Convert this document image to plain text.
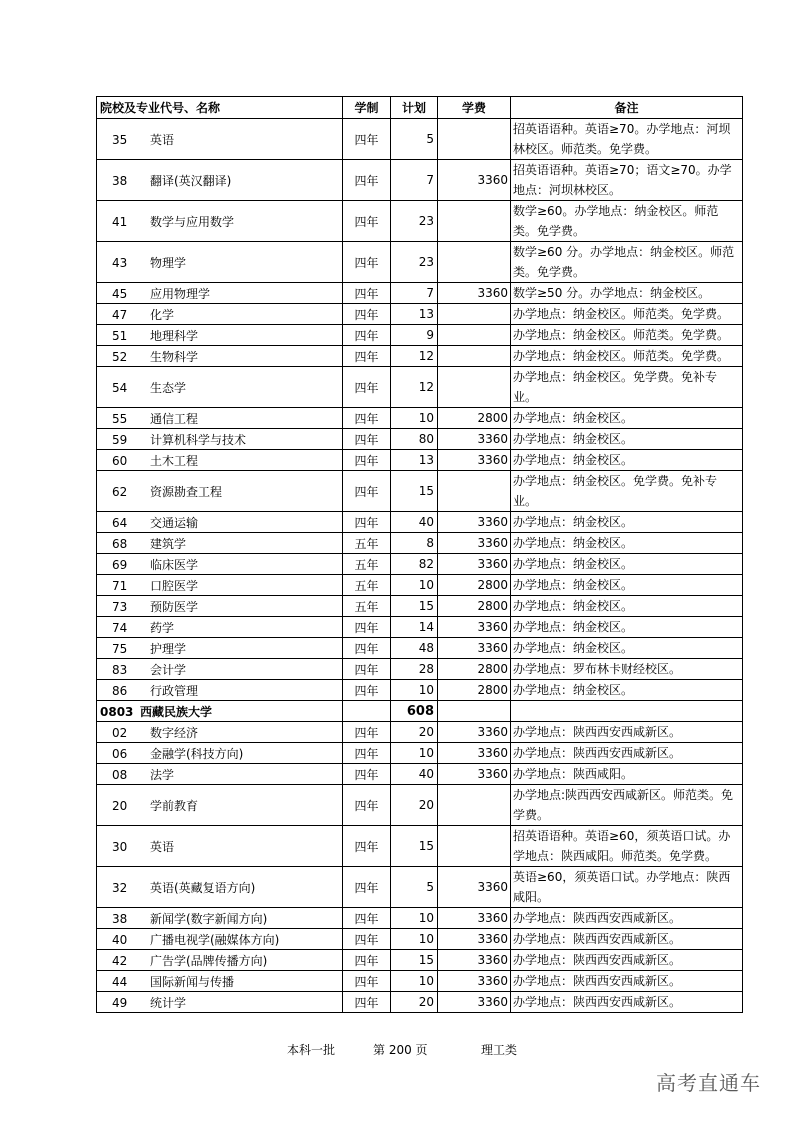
院校及专业代号、名称	学制	计划	学费	备注
35 英语	四年	5		招英语语种。英语≥70。办学地点：河坝林校区。师范类。免学费。
38 翻译(英汉翻译)	四年	7	3360	招英语语种。英语≥70；语文≥70。办学地点：河坝林校区。
41 数学与应用数学	四年	23		数学≥60。办学地点：纳金校区。师范类。免学费。
43 物理学	四年	23		数学≥60 分。办学地点：纳金校区。师范类。免学费。
45 应用物理学	四年	7	3360	数学≥50 分。办学地点：纳金校区。
47 化学	四年	13		办学地点：纳金校区。师范类。免学费。
51 地理科学	四年	9		办学地点：纳金校区。师范类。免学费。
52 生物科学	四年	12		办学地点：纳金校区。师范类。免学费。
54 生态学	四年	12		办学地点：纳金校区。免学费。免补专业。
55 通信工程	四年	10	2800	办学地点：纳金校区。
59 计算机科学与技术	四年	80	3360	办学地点：纳金校区。
60 土木工程	四年	13	3360	办学地点：纳金校区。
62 资源勘查工程	四年	15		办学地点：纳金校区。免学费。免补专业。
64 交通运输	四年	40	3360	办学地点：纳金校区。
68 建筑学	五年	8	3360	办学地点：纳金校区。
69 临床医学	五年	82	3360	办学地点：纳金校区。
71 口腔医学	五年	10	2800	办学地点：纳金校区。
73 预防医学	五年	15	2800	办学地点：纳金校区。
74 药学	四年	14	3360	办学地点：纳金校区。
75 护理学	四年	48	3360	办学地点：纳金校区。
83 会计学	四年	28	2800	办学地点：罗布林卡财经校区。
86 行政管理	四年	10	2800	办学地点：纳金校区。
0803 西藏民族大学		608		
02 数字经济	四年	20	3360	办学地点：陕西西安西咸新区。
06 金融学(科技方向)	四年	10	3360	办学地点：陕西西安西咸新区。
08 法学	四年	40	3360	办学地点：陕西咸阳。
20 学前教育	四年	20		办学地点:陕西西安西咸新区。师范类。免学费。
30 英语	四年	15		招英语语种。英语≥60，须英语口试。办学地点：陕西咸阳。师范类。免学费。
32 英语(英藏复语方向)	四年	5	3360	英语≥60，须英语口试。办学地点：陕西咸阳。
38 新闻学(数字新闻方向)	四年	10	3360	办学地点：陕西西安西咸新区。
40 广播电视学(融媒体方向)	四年	10	3360	办学地点：陕西西安西咸新区。
42 广告学(品牌传播方向)	四年	15	3360	办学地点：陕西西安西咸新区。
44 国际新闻与传播	四年	10	3360	办学地点：陕西西安西咸新区。
49 统计学	四年	20	3360	办学地点：陕西西安西咸新区。
本科一批	第 200 页	理工类
高考直通车
